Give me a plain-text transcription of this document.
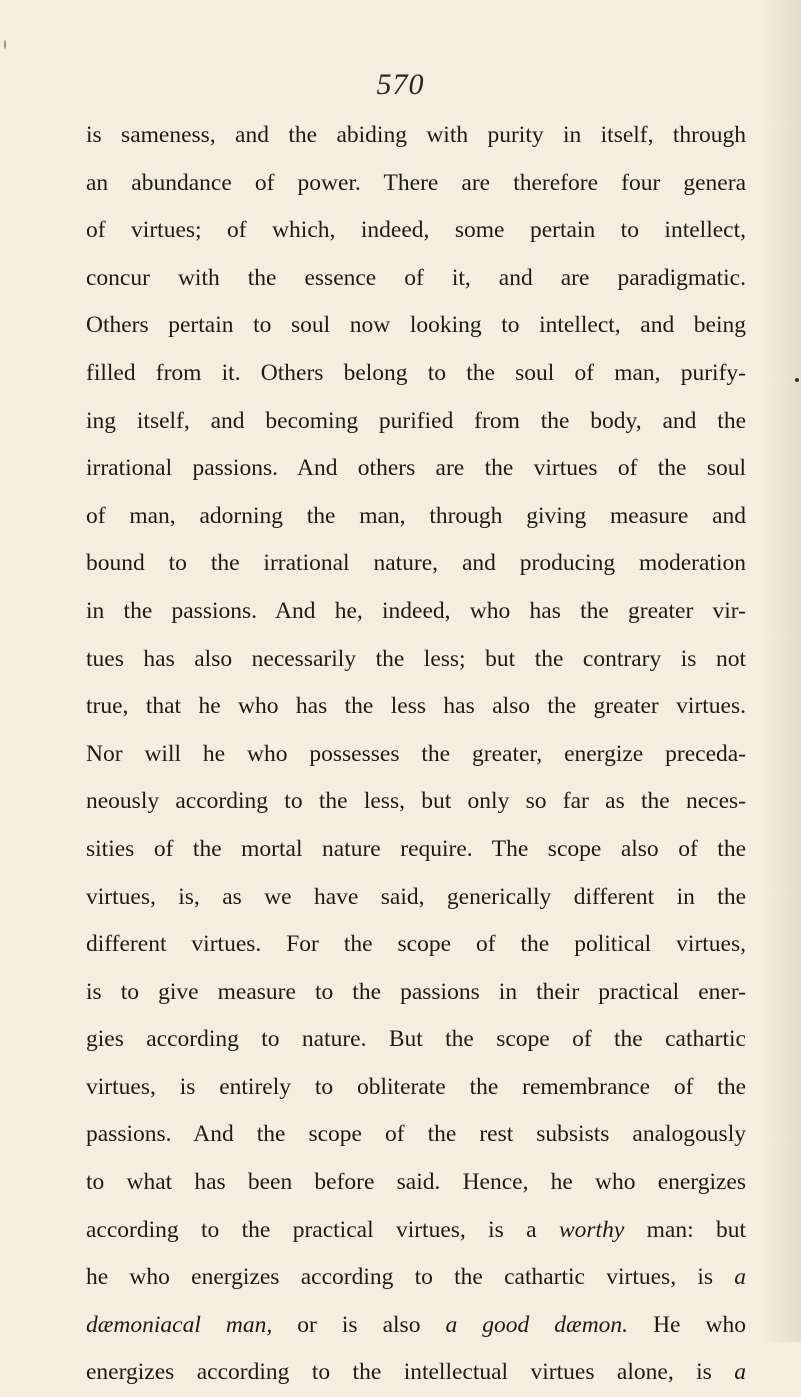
570
is sameness, and the abiding with purity in itself, through
an abundance of power. There are therefore four genera
of virtues; of which, indeed, some pertain to intellect,
concur with the essence of it, and are paradigmatic.
Others pertain to soul now looking to intellect, and being
filled from it. Others belong to the soul of man, purify-
ing itself, and becoming purified from the body, and the
irrational passions. And others are the virtues of the soul
of man, adorning the man, through giving measure and
bound to the irrational nature, and producing moderation
in the passions. And he, indeed, who has the greater vir-
tues has also necessarily the less; but the contrary is not
true, that he who has the less has also the greater virtues.
Nor will he who possesses the greater, energize preceda-
neously according to the less, but only so far as the neces-
sities of the mortal nature require. The scope also of the
virtues, is, as we have said, generically different in the
different virtues. For the scope of the political virtues,
is to give measure to the passions in their practical ener-
gies according to nature. But the scope of the cathartic
virtues, is entirely to obliterate the remembrance of the
passions. And the scope of the rest subsists analogously
to what has been before said. Hence, he who energizes
according to the practical virtues, is a worthy man: but
he who energizes according to the cathartic virtues, is a
dæmoniacal man, or is also a good dæmon. He who
energizes according to the intellectual virtues alone, is a
